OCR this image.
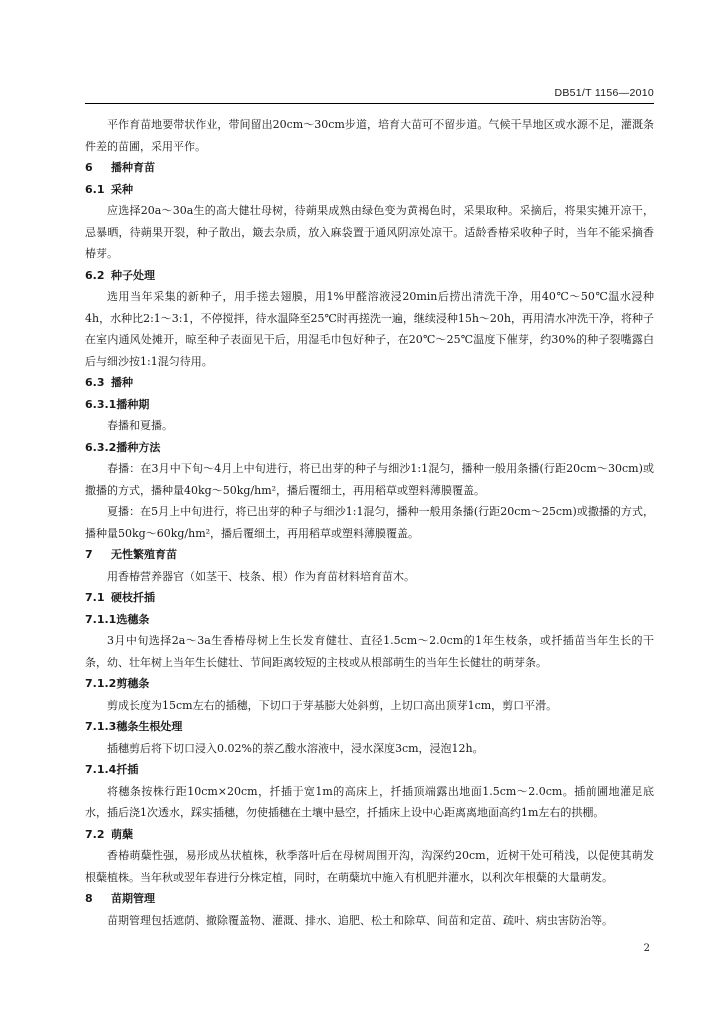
DB51/T 1156—2010

平作育苗地要带状作业，带间留出20cm～30cm步道，培育大苗可不留步道。气候干旱地区或水源不足，灌溉条件差的苗圃，采用平作。

6 播种育苗
6.1 采种

应选择20a～30a生的高大健壮母树，待蒴果成熟由绿色变为黄褐色时，采果取种。采摘后，将果实摊开凉干，忌暴晒，待蒴果开裂，种子散出，簸去杂质，放入麻袋置于通风阴凉处凉干。适龄香椿采收种子时，当年不能采摘香椿芽。

6.2 种子处理

选用当年采集的新种子，用手搓去翅膜，用1%甲醛溶液浸20min后捞出清洗干净，用40℃～50℃温水浸种4h，水种比2:1～3:1，不停搅拌，待水温降至25℃时再搓洗一遍，继续浸种15h～20h，再用清水冲洗干净，将种子在室内通风处摊开，晾至种子表面见干后，用湿毛巾包好种子，在20℃～25℃温度下催芽，约30%的种子裂嘴露白后与细沙按1:1混匀待用。

6.3 播种
6.3.1播种期

春播和夏播。

6.3.2播种方法

春播：在3月中下旬～4月上中旬进行，将已出芽的种子与细沙1:1混匀，播种一般用条播(行距20cm～30cm)或撒播的方式，播种量40kg～50kg/hm²，播后覆细土，再用稻草或塑料薄膜覆盖。

夏播：在5月上中旬进行，将已出芽的种子与细沙1:1混匀，播种一般用条播(行距20cm～25cm)或撒播的方式，播种量50kg～60kg/hm²，播后覆细土，再用稻草或塑料薄膜覆盖。

7 无性繁殖育苗

用香椿营养器官（如茎干、枝条、根）作为育苗材料培育苗木。

7.1 硬枝扦插
7.1.1选穗条

3月中旬选择2a～3a生香椿母树上生长发育健壮、直径1.5cm～2.0cm的1年生枝条，或扦插苗当年生长的干条，幼、壮年树上当年生长健壮、节间距离较短的主枝或从根部萌生的当年生长健壮的萌芽条。

7.1.2剪穗条

剪成长度为15cm左右的插穗，下切口于芽基膨大处斜剪，上切口高出顶芽1cm，剪口平滑。

7.1.3穗条生根处理

插穗剪后将下切口浸入0.02%的萘乙酸水溶液中，浸水深度3cm，浸泡12h。

7.1.4扦插

将穗条按株行距10cm×20cm，扦插于宽1m的高床上，扦插顶端露出地面1.5cm～2.0cm。插前圃地灌足底水，插后浇1次透水，踩实插穗，勿使插穗在土壤中悬空，扦插床上设中心距离离地面高约1m左右的拱棚。

7.2 萌蘖

香椿萌蘖性强，易形成丛状植株，秋季落叶后在母树周围开沟，沟深约20cm，近树干处可稍浅，以促使其萌发根蘖植株。当年秋或翌年春进行分株定植，同时，在萌蘖坑中施入有机肥并灌水，以利次年根蘖的大量萌发。

8 苗期管理

苗期管理包括遮荫、撤除覆盖物、灌溉、排水、追肥、松土和除草、间苗和定苗、疏叶、病虫害防治等。

2
